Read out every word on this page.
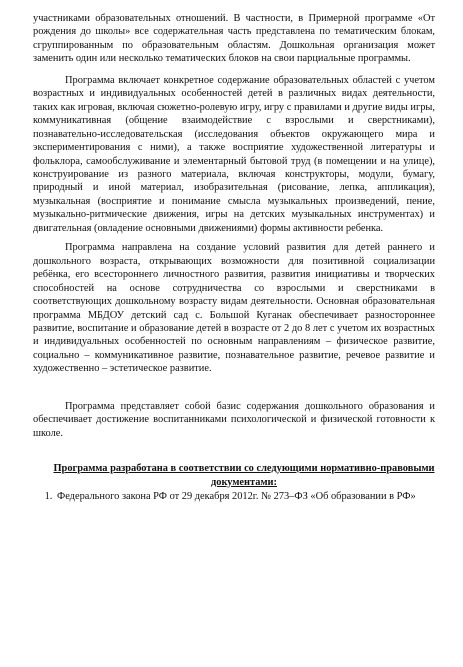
участниками образовательных отношений. В частности, в Примерной программе «От рождения до школы» все содержательная часть представлена по тематическим блокам, сгруппированным по образовательным областям. Дошкольная организация может заменить один или несколько тематических блоков на свои парциальные программы.

Программа включает конкретное содержание образовательных областей с учетом возрастных и индивидуальных особенностей детей в различных видах деятельности, таких как игровая, включая сюжетно-ролевую игру, игру с правилами и другие виды игры, коммуникативная (общение взаимодействие с взрослыми и сверстниками), познавательно-исследовательская (исследования объектов окружающего мира и экспериментирования с ними), а также восприятие художественной литературы и фольклора, самообслуживание и элементарный бытовой труд (в помещении и на улице), конструирование из разного материала, включая конструкторы, модули, бумагу, природный и иной материал, изобразительная (рисование, лепка, аппликация), музыкальная (восприятие и понимание смысла музыкальных произведений, пение, музыкально-ритмические движения, игры на детских музыкальных инструментах) и двигательная (овладение основными движениями) формы активности ребенка.

Программа направлена на создание условий развития для детей раннего и дошкольного возраста, открывающих возможности для позитивной социализации ребёнка, его всестороннего личностного развития, развития инициативы и творческих способностей на основе сотрудничества со взрослыми и сверстниками в соответствующих дошкольному возрасту видам деятельности. Основная образовательная программа МБДОУ детский сад с. Большой Куганак обеспечивает разностороннее развитие, воспитание и образование детей в возрасте от 2 до 8 лет с учетом их возрастных и индивидуальных особенностей по основным направлениям – физическое развитие, социально – коммуникативное развитие, познавательное развитие, речевое развитие и художественно – эстетическое развитие.

Программа представляет собой базис содержания дошкольного образования и обеспечивает достижение воспитанниками психологической и физической готовности к школе.

Программа разработана в соответствии со следующими нормативно-правовыми документами:
1. Федерального закона РФ от 29 декабря 2012г. № 273–ФЗ «Об образовании в РФ»
